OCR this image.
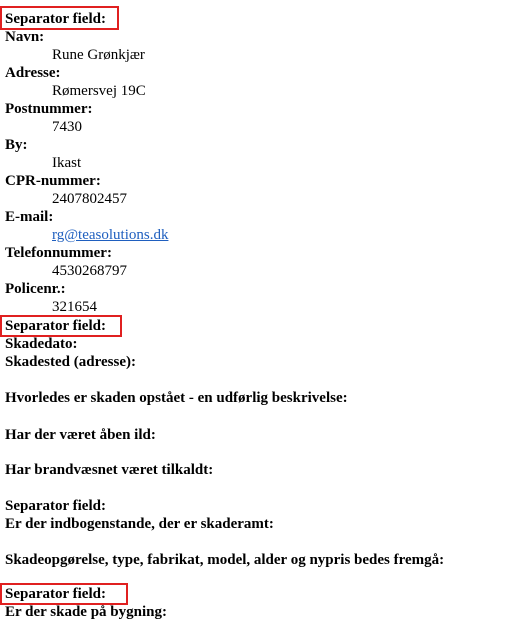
Separator field:
Navn:
Rune Grønkjær
Adresse:
Rømersvej 19C
Postnummer:
7430
By:
Ikast
CPR-nummer:
2407802457
E-mail:
rg@teasolutions.dk
Telefonnummer:
4530268797
Policenr.:
321654
Separator field:
Skadedato:
Skadested (adresse):
Hvorledes er skaden opstået - en udførlig beskrivelse:
Har der været åben ild:
Har brandvæsnet været tilkaldt:
Separator field:
Er der indbogenstande, der er skaderamt:
Skadeopgørelse, type, fabrikat, model, alder og nypris bedes fremgå:
Separator field:
Er der skade på bygning:
